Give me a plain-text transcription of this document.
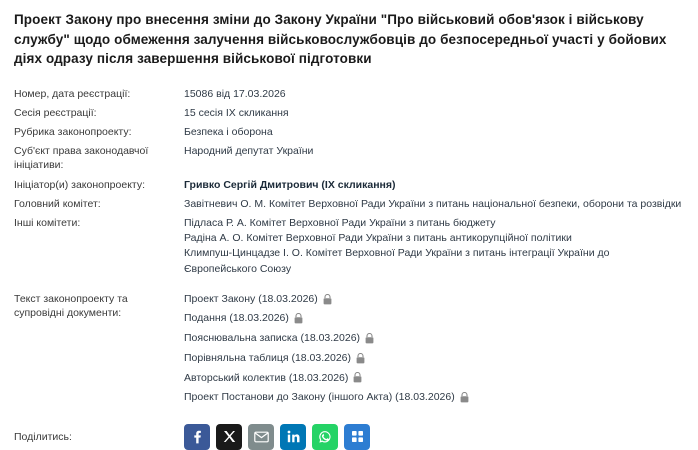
Проект Закону про внесення зміни до Закону України "Про військовий обов'язок і військову службу" щодо обмеження залучення військовослужбовців до безпосередньої участі у бойових діях одразу після завершення військової підготовки
Номер, дата реєстрації:	15086 від 17.03.2026
Сесія реєстрації:	15 сесія IX скликання
Рубрика законопроекту:	Безпека і оборона
Суб'єкт права законодавчої ініціативи:
Народний депутат України
Ініціатор(и) законопроекту:	Гривко Сергій Дмитрович (IX скликання)
Головний комітет:	Завітневич О. М. Комітет Верховної Ради України з питань національної безпеки, оборони та розвідки
Інші комітети:	Підласа Р. А. Комітет Верховної Ради України з питань бюджету
Радіна А. О. Комітет Верховної Ради України з питань антикорупційної політики
Климпуш-Цинцадзе І. О. Комітет Верховної Ради України з питань інтеграції України до Європейського Союзу
Текст законопроекту та супровідні документи:
Проект Закону (18.03.2026)
Подання (18.03.2026)
Пояснювальна записка (18.03.2026)
Порівняльна таблиця (18.03.2026)
Авторський колектив (18.03.2026)
Проект Постанови до Закону (іншого Акта) (18.03.2026)
Поділитись:
